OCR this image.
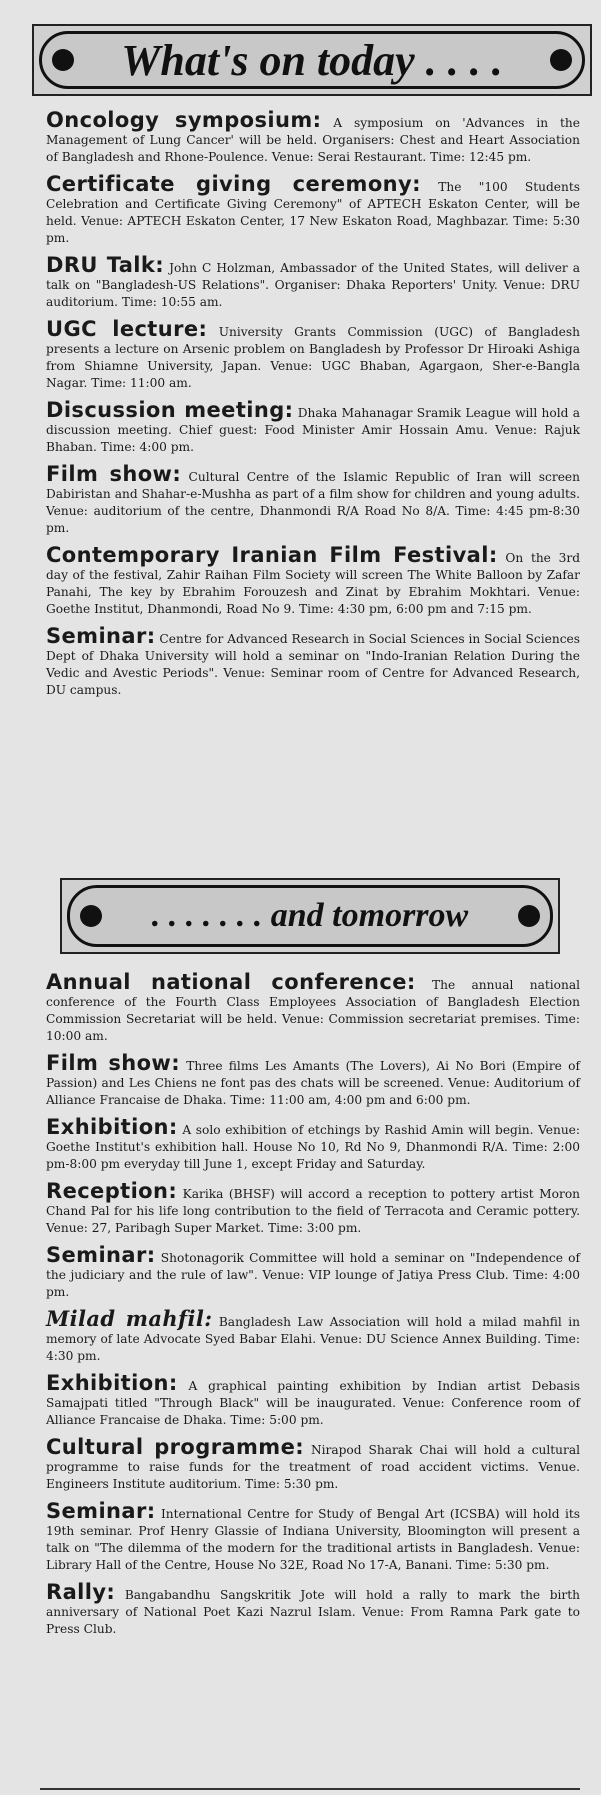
What's on today . . . .

Oncology symposium: A symposium on 'Advances in the Management of Lung Cancer' will be held. Organisers: Chest and Heart Association of Bangladesh and Rhone-Poulence. Venue: Serai Restaurant. Time: 12:45 pm.

Certificate giving ceremony: The "100 Students Celebration and Certificate Giving Ceremony" of APTECH Eskaton Center, will be held. Venue: APTECH Eskaton Center, 17 New Eskaton Road, Maghbazar. Time: 5:30 pm.

DRU Talk: John C Holzman, Ambassador of the United States, will deliver a talk on "Bangladesh-US Relations". Organiser: Dhaka Reporters' Unity. Venue: DRU auditorium. Time: 10:55 am.

UGC lecture: University Grants Commission (UGC) of Bangladesh presents a lecture on Arsenic problem on Bangladesh by Professor Dr Hiroaki Ashiga from Shiamne University, Japan. Venue: UGC Bhaban, Agargaon, Sher-e-Bangla Nagar. Time: 11:00 am.

Discussion meeting: Dhaka Mahanagar Sramik League will hold a discussion meeting. Chief guest: Food Minister Amir Hossain Amu. Venue: Rajuk Bhaban. Time: 4:00 pm.

Film show: Cultural Centre of the Islamic Republic of Iran will screen Dabiristan and Shahar-e-Mushha as part of a film show for children and young adults. Venue: auditorium of the centre, Dhanmondi R/A Road No 8/A. Time: 4:45 pm-8:30 pm.

Contemporary Iranian Film Festival: On the 3rd day of the festival, Zahir Raihan Film Society will screen The White Balloon by Zafar Panahi, The key by Ebrahim Forouzesh and Zinat by Ebrahim Mokhtari. Venue: Goethe Institut, Dhanmondi, Road No 9. Time: 4:30 pm, 6:00 pm and 7:15 pm.

Seminar: Centre for Advanced Research in Social Sciences in Social Sciences Dept of Dhaka University will hold a seminar on "Indo-Iranian Relation During the Vedic and Avestic Periods". Venue: Seminar room of Centre for Advanced Research, DU campus.

. . . . . . . and tomorrow

Annual national conference: The annual national conference of the Fourth Class Employees Association of Bangladesh Election Commission Secretariat will be held. Venue: Commission secretariat premises. Time: 10:00 am.

Film show: Three films Les Amants (The Lovers), Ai No Bori (Empire of Passion) and Les Chiens ne font pas des chats will be screened. Venue: Auditorium of Alliance Francaise de Dhaka. Time: 11:00 am, 4:00 pm and 6:00 pm.

Exhibition: A solo exhibition of etchings by Rashid Amin will begin. Venue: Goethe Institut's exhibition hall. House No 10, Rd No 9, Dhanmondi R/A. Time: 2:00 pm-8:00 pm everyday till June 1, except Friday and Saturday.

Reception: Karika (BHSF) will accord a reception to pottery artist Moron Chand Pal for his life long contribution to the field of Terracota and Ceramic pottery. Venue: 27, Paribagh Super Market. Time: 3:00 pm.

Seminar: Shotonagorik Committee will hold a seminar on "Independence of the judiciary and the rule of law". Venue: VIP lounge of Jatiya Press Club. Time: 4:00 pm.

Milad mahfil: Bangladesh Law Association will hold a milad mahfil in memory of late Advocate Syed Babar Elahi. Venue: DU Science Annex Building. Time: 4:30 pm.

Exhibition: A graphical painting exhibition by Indian artist Debasis Samajpati titled "Through Black" will be inaugurated. Venue: Conference room of Alliance Francaise de Dhaka. Time: 5:00 pm.

Cultural programme: Nirapod Sharak Chai will hold a cultural programme to raise funds for the treatment of road accident victims. Venue. Engineers Institute auditorium. Time: 5:30 pm.

Seminar: International Centre for Study of Bengal Art (ICSBA) will hold its 19th seminar. Prof Henry Glassie of Indiana University, Bloomington will present a talk on "The dilemma of the modern for the traditional artists in Bangladesh. Venue: Library Hall of the Centre, House No 32E, Road No 17-A, Banani. Time: 5:30 pm.

Rally: Bangabandhu Sangskritik Jote will hold a rally to mark the birth anniversary of National Poet Kazi Nazrul Islam. Venue: From Ramna Park gate to Press Club.
